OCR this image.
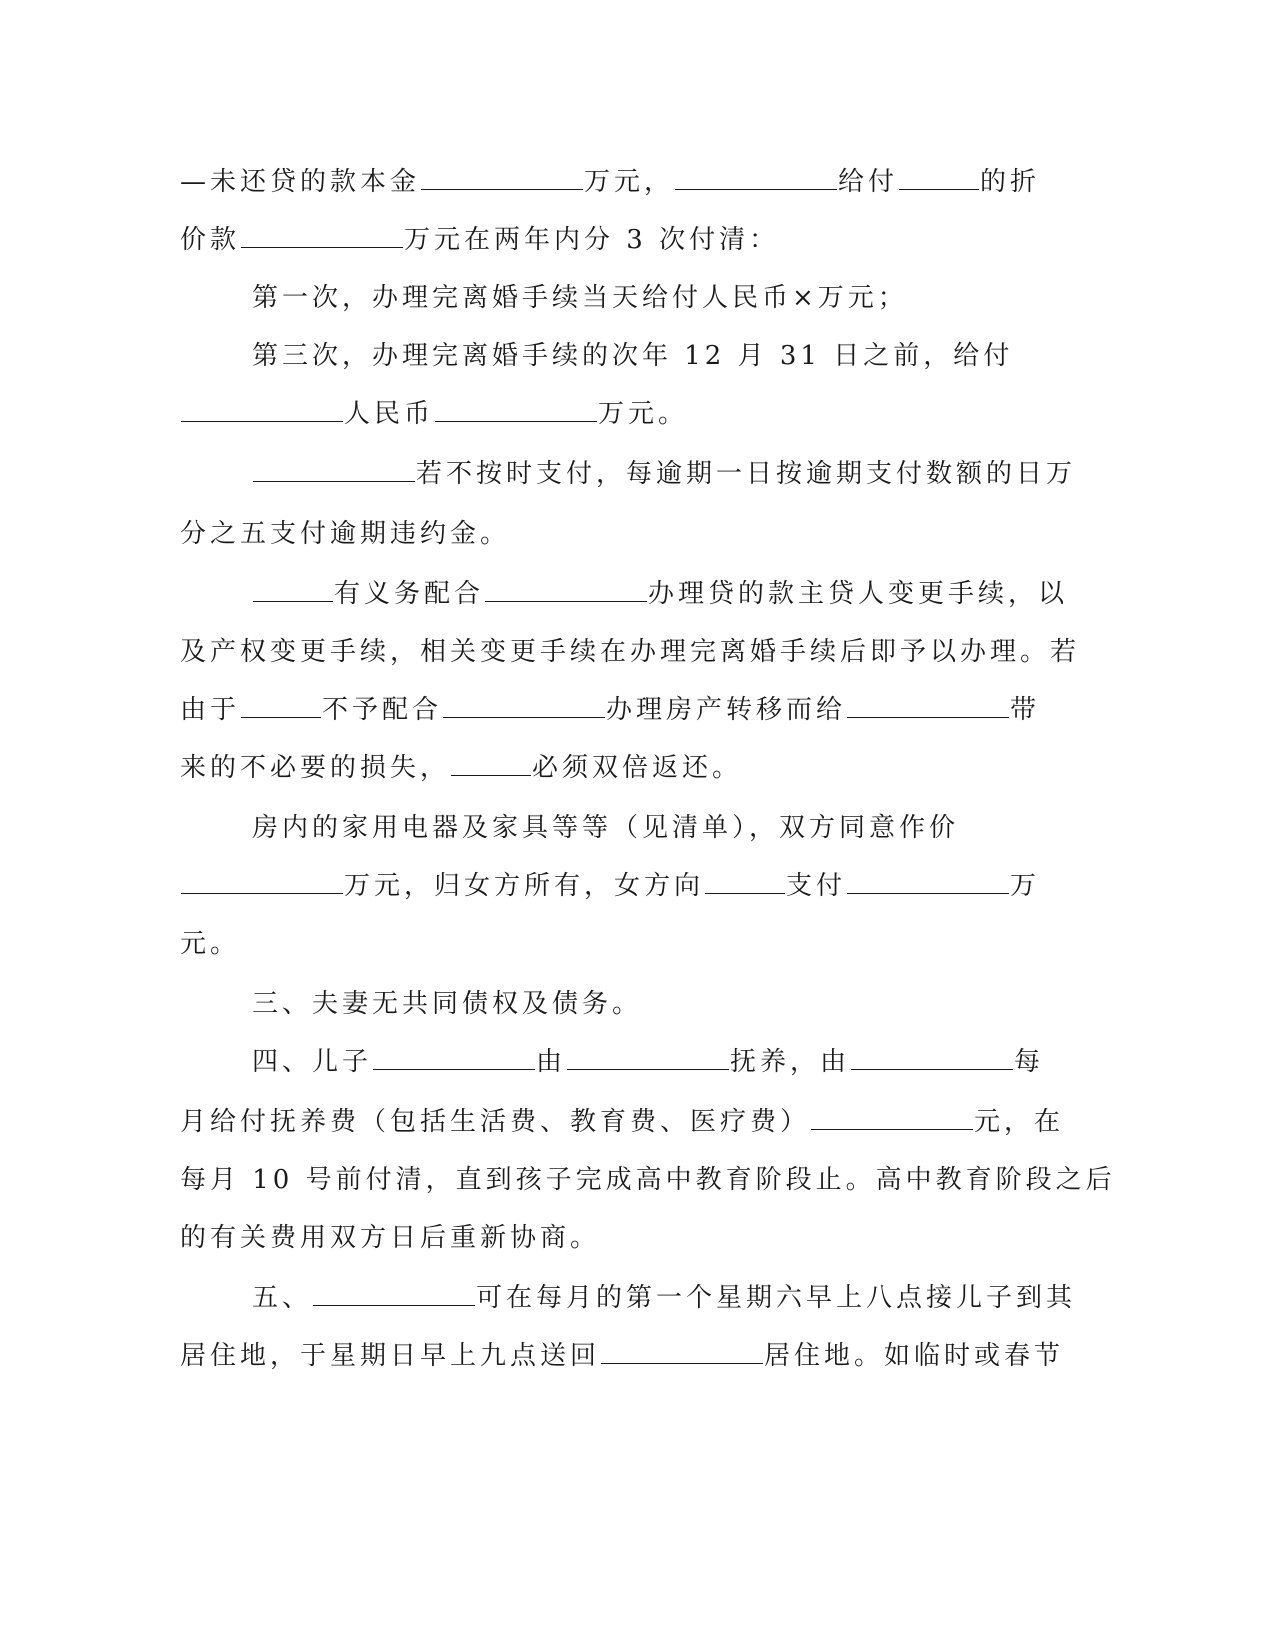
—未还贷的款本金	万元，	给付	的折
价款	万元在两年内分 3 次付清：
第一次，办理完离婚手续当天给付人民币×万元；
第三次，办理完离婚手续的次年 12 月 31 日之前，给付
人民币	万元。
若不按时支付，每逾期一日按逾期支付数额的日万
分之五支付逾期违约金。
有义务配合	办理贷的款主贷人变更手续，以
及产权变更手续，相关变更手续在办理完离婚手续后即予以办理。若
由于	不予配合	办理房产转移而给	带
来的不必要的损失，	必须双倍返还。
房内的家用电器及家具等等（见清单），双方同意作价
万元，归女方所有，女方向	支付	万
元。
三、夫妻无共同债权及债务。
四、儿子	由	抚养，由	每
月给付抚养费（包括生活费、教育费、医疗费）	元，在
每月 10 号前付清，直到孩子完成高中教育阶段止。高中教育阶段之后
的有关费用双方日后重新协商。
五、	可在每月的第一个星期六早上八点接儿子到其
居住地，于星期日早上九点送回	居住地。如临时或春节
